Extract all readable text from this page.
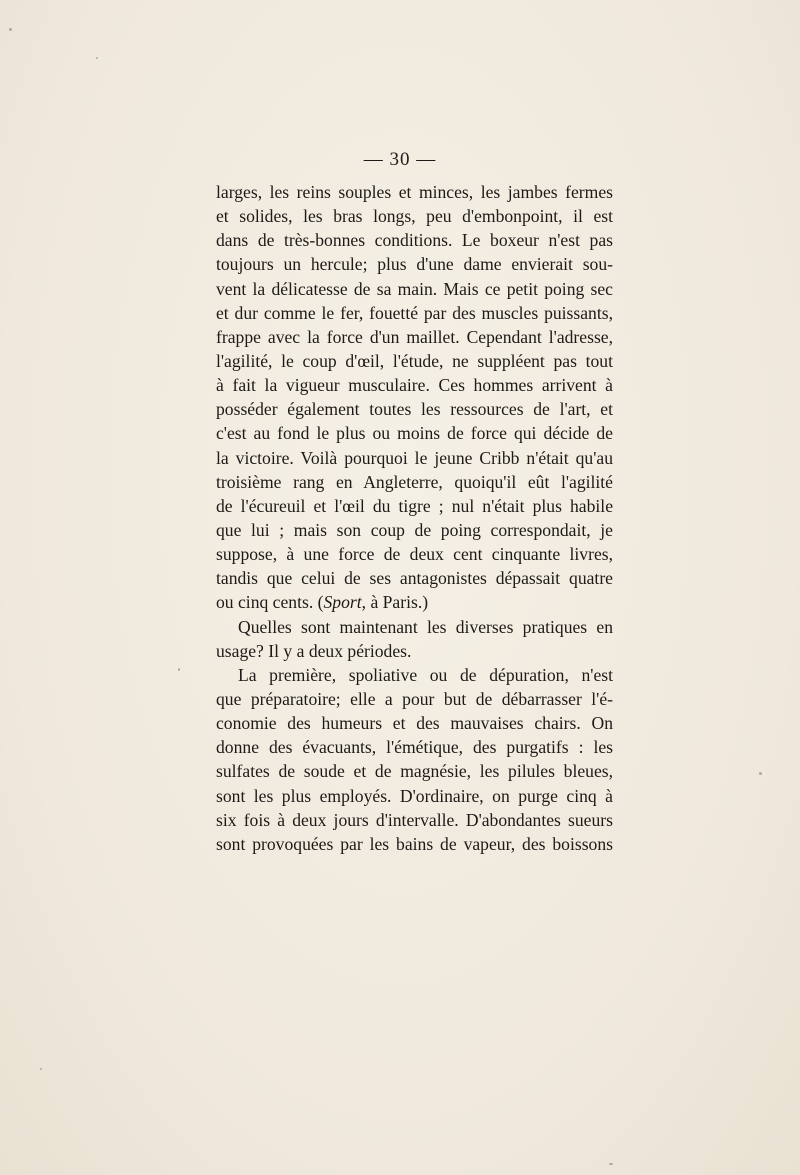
— 30 —
larges, les reins souples et minces, les jambes fermes
et solides, les bras longs, peu d'embonpoint, il est
dans de très-bonnes conditions. Le boxeur n'est pas
toujours un hercule; plus d'une dame envierait sou-
vent la délicatesse de sa main. Mais ce petit poing sec
et dur comme le fer, fouetté par des muscles puissants,
frappe avec la force d'un maillet. Cependant l'adresse,
l'agilité, le coup d'œil, l'étude, ne suppléent pas tout
à fait la vigueur musculaire. Ces hommes arrivent à
posséder également toutes les ressources de l'art, et
c'est au fond le plus ou moins de force qui décide de
la victoire. Voilà pourquoi le jeune Cribb n'était qu'au
troisième rang en Angleterre, quoiqu'il eût l'agilité
de l'écureuil et l'œil du tigre ; nul n'était plus habile
que lui ; mais son coup de poing correspondait, je
suppose, à une force de deux cent cinquante livres,
tandis que celui de ses antagonistes dépassait quatre
ou cinq cents. (Sport, à Paris.)
Quelles sont maintenant les diverses pratiques en
usage? Il y a deux périodes.
La première, spoliative ou de dépuration, n'est
que préparatoire; elle a pour but de débarrasser l'é-
conomie des humeurs et des mauvaises chairs. On
donne des évacuants, l'émétique, des purgatifs : les
sulfates de soude et de magnésie, les pilules bleues,
sont les plus employés. D'ordinaire, on purge cinq à
six fois à deux jours d'intervalle. D'abondantes sueurs
sont provoquées par les bains de vapeur, des boissons
